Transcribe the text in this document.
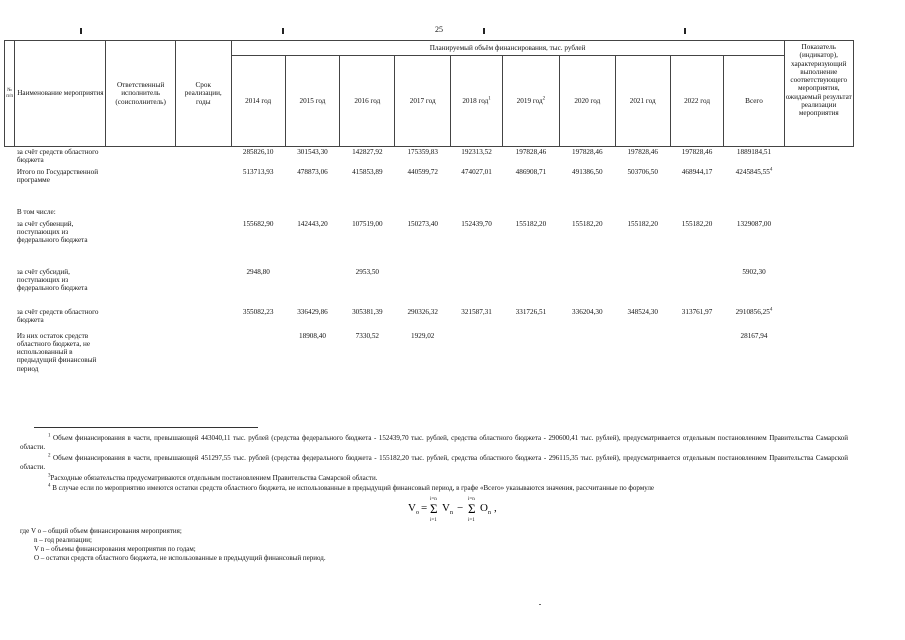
25
№ п/п	Наименование мероприятия	Ответственный исполнитель (соисполнитель)	Срок реализации, годы	Планируемый объём финансирования, тыс. рублей										Показатель (индикатор), характеризующий выполнение соответствующего мероприятия, ожидаемый результат реализации мероприятия
				2014 год	2015 год	2016 год	2017 год	2018 год$^1$	2019 год$^2$	2020 год	2021 год	2022 год	Всего	
	за счёт средств областного бюджета			285826,10	301543,30	142827,92	175359,83	192313,52	197828,46	197828,46	197828,46	197828,46	1889184,51	
	Итого по Государственной программе			513713,93	478873,06	415853,89	440599,72	474027,01	486908,71	491386,50	503706,50	468944,17	4245845,55$^4$	
	В том числе:													
	за счёт субвенций, поступающих из федерального бюджета			155682,90	142443,20	107519,00	150273,40	152439,70	155182,20	155182,20	155182,20	155182,20	1329087,00	
	за счёт субсидий, поступающих из федерального бюджета			2948,80		2953,50							5902,30	
	за счёт средств областного бюджета			355082,23	336429,86	305381,39	290326,32	321587,31	331726,51	336204,30	348524,30	313761,97	2910856,25$^4$	
	Из них остаток средств областного бюджета, не использованный в предыдущий финансовый период				18908,40	7330,52	1929,02						28167,94	
$^1$ Объем финансирования в части, превышающей 443040,11 тыс. рублей (средства федерального бюджета - 152439,70 тыс. рублей, средства областного бюджета - 290600,41 тыс. рублей), предусматривается отдельным постановлением Правительства Самарской области.
$^2$ Объем финансирования в части, превышающей 451297,55 тыс. рублей (средства федерального бюджета - 155182,20 тыс. рублей, средства областного бюджета - 296115,35 тыс. рублей), предусматривается отдельным постановлением Правительства Самарской области.
$^3$Расходные обязательства предусматриваются отдельным постановлением Правительства Самарской области.
$^4$ В случае если по мероприятию имеются остатки средств областного бюджета, не использованные в предыдущий финансовый период, в графе «Всего» указываются значения, рассчитанные по формуле
V о =
i=n
Σ
i=1
V n −
i=n
Σ
i=1
O n ,
где V о – общий объем финансирования мероприятия;
n – год реализации;
V n – объемы финансирования мероприятия по годам;
O – остатки средств областного бюджета, не использованные в предыдущий финансовый период.
